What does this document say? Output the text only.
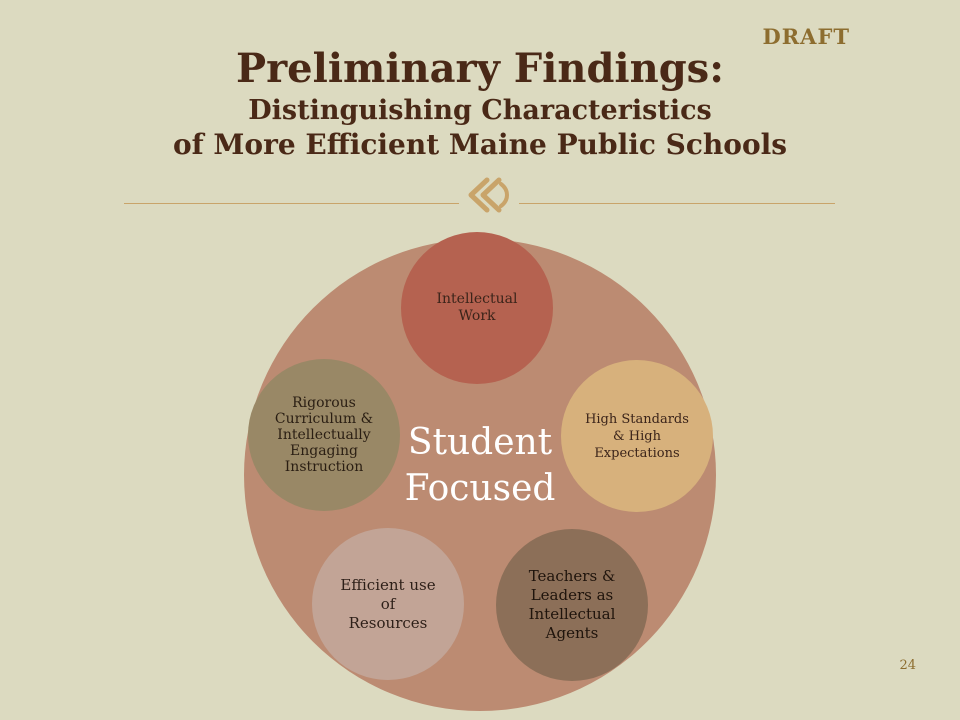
DRAFT
Preliminary Findings:
Distinguishing Characteristics
of More Efficient Maine Public Schools
Student
Focused
Intellectual Work
High Standards & High Expectations
Teachers & Leaders as Intellectual Agents
Efficient use of Resources
Rigorous Curriculum & Intellectually Engaging Instruction
24
